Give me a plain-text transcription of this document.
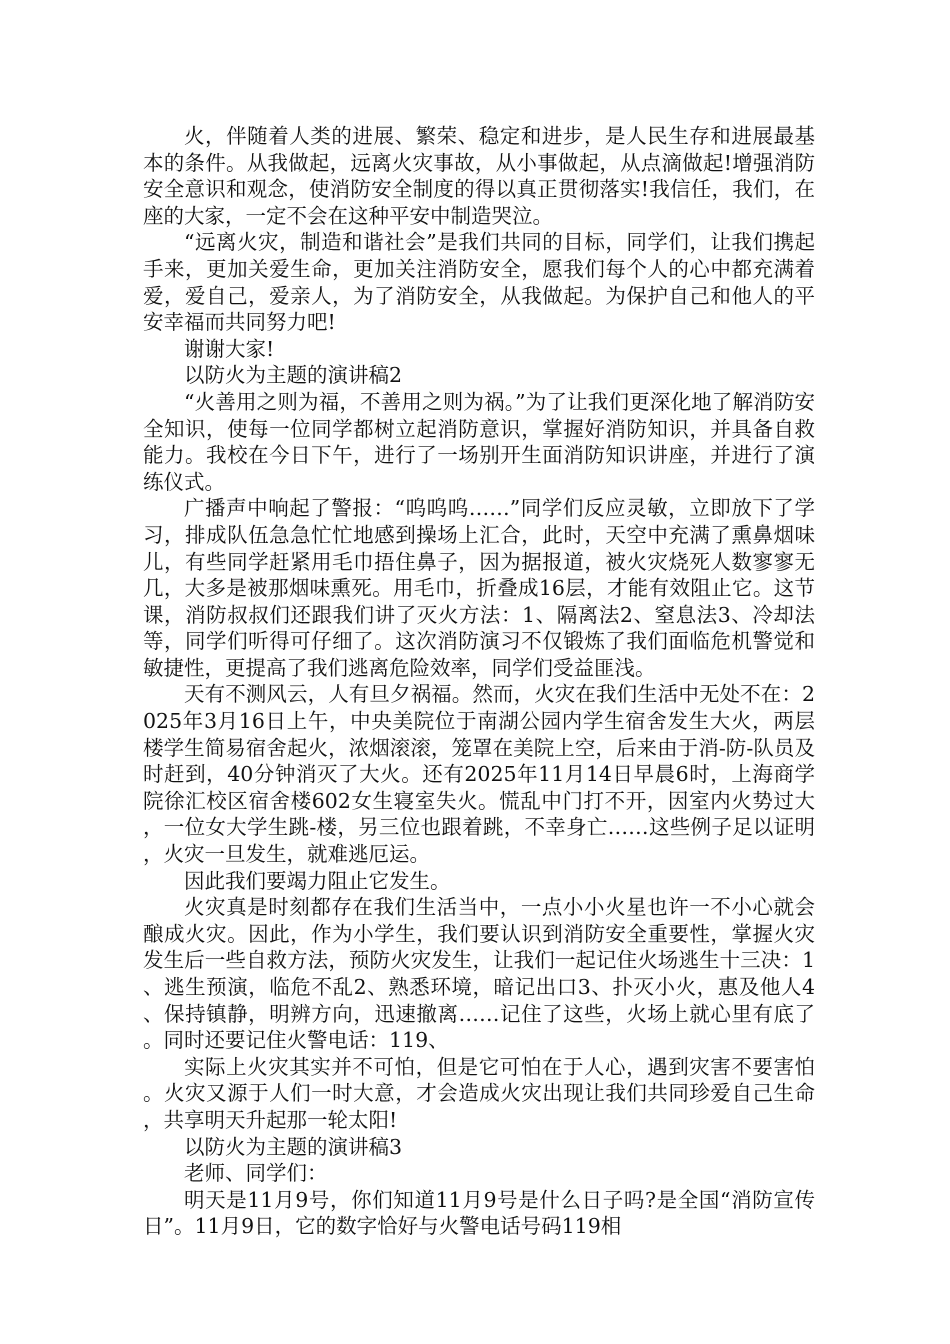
火，伴随着人类的进展、繁荣、稳定和进步，是人民生存和进展最基本的条件。从我做起，远离火灾事故，从小事做起，从点滴做起!增强消防安全意识和观念，使消防安全制度的得以真正贯彻落实!我信任，我们，在座的大家，一定不会在这种平安中制造哭泣。

“远离火灾，制造和谐社会”是我们共同的目标，同学们，让我们携起手来，更加关爱生命，更加关注消防安全，愿我们每个人的心中都充满着爱，爱自己，爱亲人，为了消防安全，从我做起。为保护自己和他人的平安幸福而共同努力吧!

谢谢大家!

以防火为主题的演讲稿2

“火善用之则为福，不善用之则为祸。”为了让我们更深化地了解消防安全知识，使每一位同学都树立起消防意识，掌握好消防知识，并具备自救能力。我校在今日下午，进行了一场别开生面消防知识讲座，并进行了演练仪式。

广播声中响起了警报：“呜呜呜……”同学们反应灵敏，立即放下了学习，排成队伍急急忙忙地感到操场上汇合，此时，天空中充满了熏鼻烟味儿，有些同学赶紧用毛巾捂住鼻子，因为据报道，被火灾烧死人数寥寥无几，大多是被那烟味熏死。用毛巾，折叠成16层，才能有效阻止它。这节课，消防叔叔们还跟我们讲了灭火方法：1、隔离法2、窒息法3、冷却法等，同学们听得可仔细了。这次消防演习不仅锻炼了我们面临危机警觉和敏捷性，更提高了我们逃离危险效率，同学们受益匪浅。

天有不测风云，人有旦夕祸福。然而，火灾在我们生活中无处不在：2025年3月16日上午，中央美院位于南湖公园内学生宿舍发生大火，两层楼学生简易宿舍起火，浓烟滚滚，笼罩在美院上空，后来由于消-防-队员及时赶到，40分钟消灭了大火。还有2025年11月14日早晨6时，上海商学院徐汇校区宿舍楼602女生寝室失火。慌乱中门打不开，因室内火势过大，一位女大学生跳-楼，另三位也跟着跳，不幸身亡……这些例子足以证明，火灾一旦发生，就难逃厄运。

因此我们要竭力阻止它发生。

火灾真是时刻都存在我们生活当中，一点小小火星也许一不小心就会酿成火灾。因此，作为小学生，我们要认识到消防安全重要性，掌握火灾发生后一些自救方法，预防火灾发生，让我们一起记住火场逃生十三决：1、逃生预演，临危不乱2、熟悉环境，暗记出口3、扑灭小火，惠及他人4、保持镇静，明辨方向，迅速撤离……记住了这些，火场上就心里有底了。同时还要记住火警电话：119、

实际上火灾其实并不可怕，但是它可怕在于人心，遇到灾害不要害怕。火灾又源于人们一时大意，才会造成火灾出现让我们共同珍爱自己生命，共享明天升起那一轮太阳!

以防火为主题的演讲稿3

老师、同学们：

明天是11月9号，你们知道11月9号是什么日子吗?是全国“消防宣传日”。11月9日，它的数字恰好与火警电话号码119相
